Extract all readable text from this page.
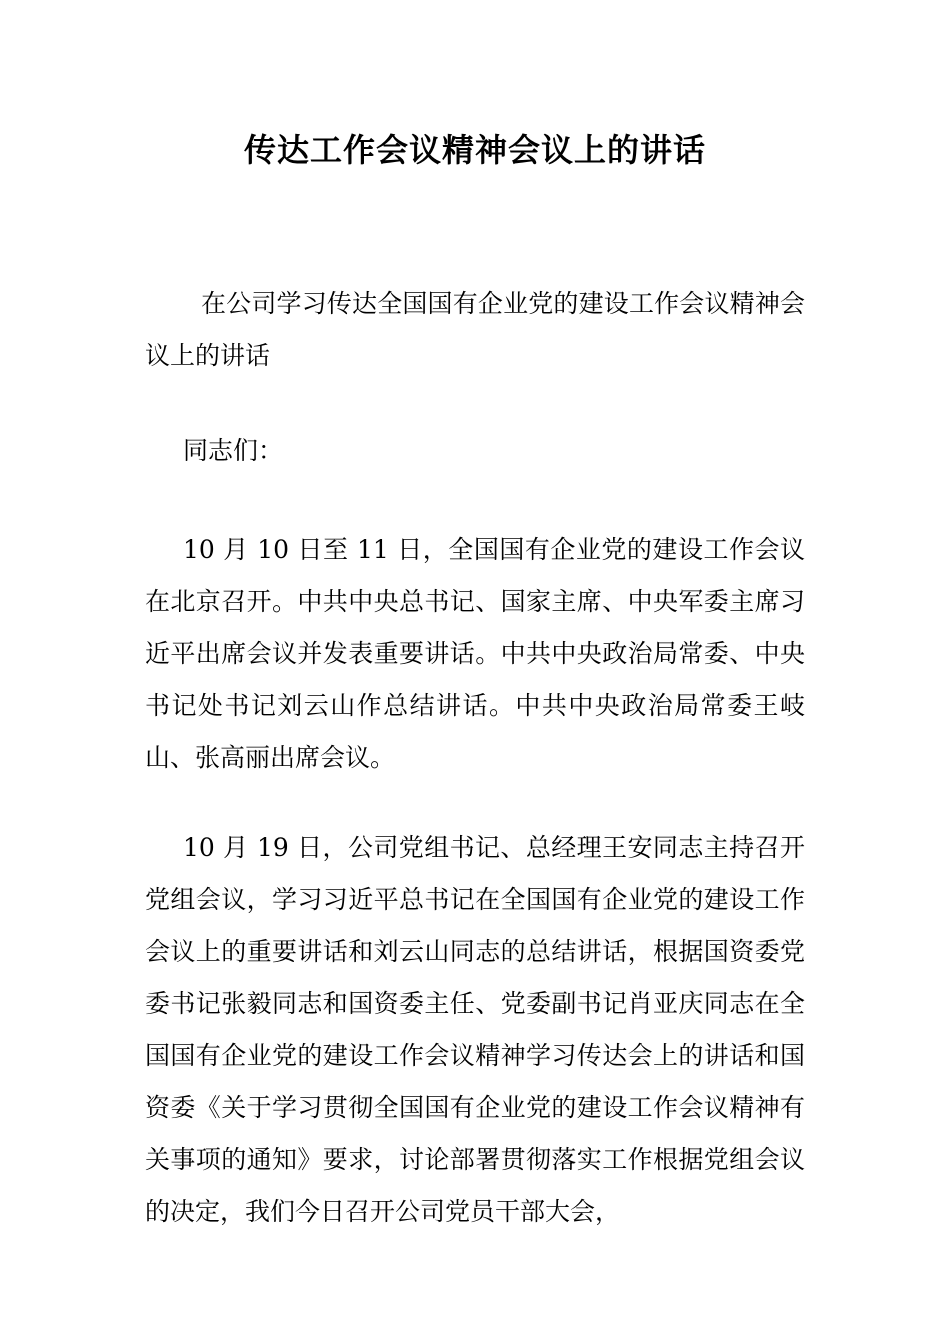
传达工作会议精神会议上的讲话

在公司学习传达全国国有企业党的建设工作会议精神会议上的讲话

同志们：

10 月 10 日至 11 日，全国国有企业党的建设工作会议在北京召开。中共中央总书记、国家主席、中央军委主席习近平出席会议并发表重要讲话。中共中央政治局常委、中央书记处书记刘云山作总结讲话。中共中央政治局常委王岐山、张高丽出席会议。

10 月 19 日，公司党组书记、总经理王安同志主持召开党组会议，学习习近平总书记在全国国有企业党的建设工作会议上的重要讲话和刘云山同志的总结讲话，根据国资委党委书记张毅同志和国资委主任、党委副书记肖亚庆同志在全国国有企业党的建设工作会议精神学习传达会上的讲话和国资委《关于学习贯彻全国国有企业党的建设工作会议精神有关事项的通知》要求，讨论部署贯彻落实工作根据党组会议的决定，我们今日召开公司党员干部大会，
